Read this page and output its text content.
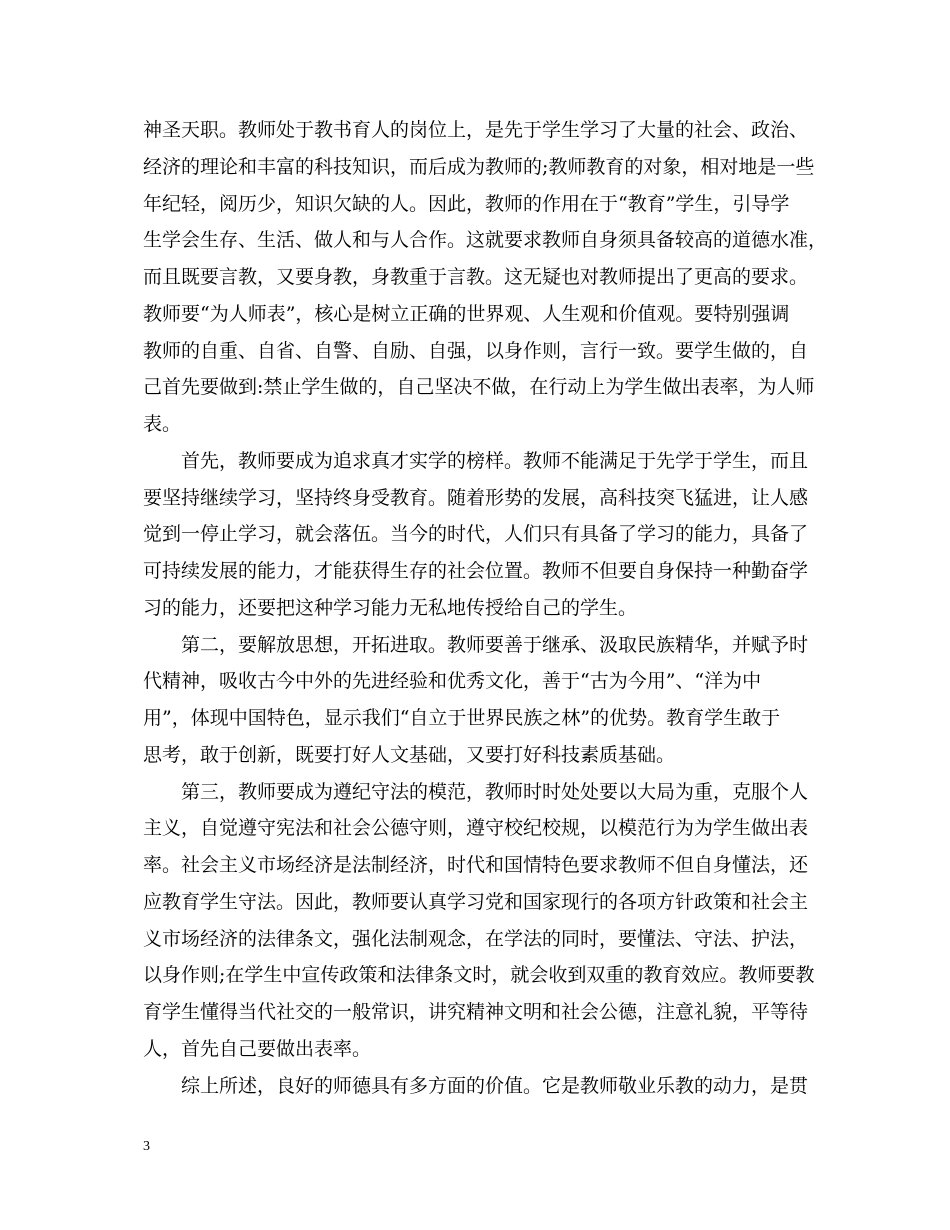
神圣天职。教师处于教书育人的岗位上，是先于学生学习了大量的社会、政治、
经济的理论和丰富的科技知识，而后成为教师的;教师教育的对象，相对地是一些
年纪轻，阅历少，知识欠缺的人。因此，教师的作用在于“教育”学生，引导学
生学会生存、生活、做人和与人合作。这就要求教师自身须具备较高的道德水准，
而且既要言教，又要身教，身教重于言教。这无疑也对教师提出了更高的要求。
教师要“为人师表”，核心是树立正确的世界观、人生观和价值观。要特别强调
教师的自重、自省、自警、自励、自强，以身作则，言行一致。要学生做的，自
己首先要做到:禁止学生做的，自己坚决不做，在行动上为学生做出表率，为人师
表。
首先，教师要成为追求真才实学的榜样。教师不能满足于先学于学生，而且
要坚持继续学习，坚持终身受教育。随着形势的发展，高科技突飞猛进，让人感
觉到一停止学习，就会落伍。当今的时代，人们只有具备了学习的能力，具备了
可持续发展的能力，才能获得生存的社会位置。教师不但要自身保持一种勤奋学
习的能力，还要把这种学习能力无私地传授给自己的学生。
第二，要解放思想，开拓进取。教师要善于继承、汲取民族精华，并赋予时
代精神，吸收古今中外的先进经验和优秀文化，善于“古为今用”、“洋为中
用”，体现中国特色，显示我们“自立于世界民族之林”的优势。教育学生敢于
思考，敢于创新，既要打好人文基础，又要打好科技素质基础。
第三，教师要成为遵纪守法的模范，教师时时处处要以大局为重，克服个人
主义，自觉遵守宪法和社会公德守则，遵守校纪校规，以模范行为为学生做出表
率。社会主义市场经济是法制经济，时代和国情特色要求教师不但自身懂法，还
应教育学生守法。因此，教师要认真学习党和国家现行的各项方针政策和社会主
义市场经济的法律条文，强化法制观念，在学法的同时，要懂法、守法、护法，
以身作则;在学生中宣传政策和法律条文时，就会收到双重的教育效应。教师要教
育学生懂得当代社交的一般常识，讲究精神文明和社会公德，注意礼貌，平等待
人，首先自己要做出表率。
综上所述，良好的师德具有多方面的价值。它是教师敬业乐教的动力，是贯
3
